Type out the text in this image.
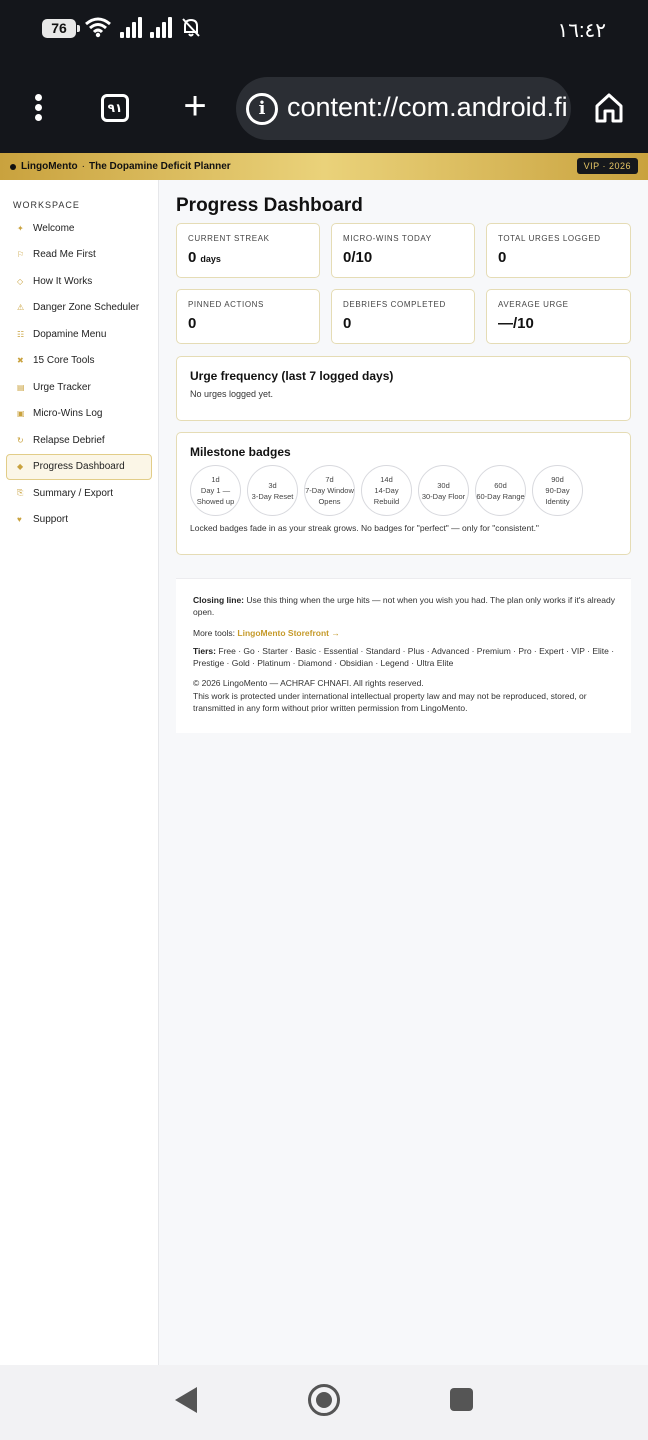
76	١٦:٤٢
٩١ +	i content://com.android.fi
LingoMento · The Dopamine Deficit Planner	VIP · 2026
WORKSPACE
✦ Welcome
⚐ Read Me First
◇ How It Works
⚠ Danger Zone Scheduler
☷ Dopamine Menu
✖ 15 Core Tools
▤ Urge Tracker
▣ Micro-Wins Log
↻ Relapse Debrief
◆ Progress Dashboard
⎘ Summary / Export
♥	Support
Progress Dashboard
CURRENT STREAK
0 days
MICRO-WINS TODAY
0/10
TOTAL URGES LOGGED
0
PINNED ACTIONS
0
DEBRIEFS COMPLETED
0
AVERAGE URGE
—/10
Urge frequency (last 7 logged days)
No urges logged yet.
Milestone badges
1d
Day 1 — Showed up
3d
3-Day Reset
7d
7-Day Window Opens
14d
14-Day Rebuild
30d
30-Day Floor
60d
60-Day Range
90d
90-Day Identity
Locked badges fade in as your streak grows. No badges for "perfect" — only for "consistent."
Closing line: Use this thing when the urge hits — not when you wish you had. The plan only works if it's already open.
More tools: LingoMento Storefront →
Tiers: Free · Go · Starter · Basic · Essential · Standard · Plus · Advanced · Premium · Pro · Expert · VIP · Elite · Prestige · Gold · Platinum · Diamond · Obsidian · Legend · Ultra Elite
© 2026 LingoMento — ACHRAF CHNAFI. All rights reserved.
This work is protected under international intellectual property law and may not be reproduced, stored, or transmitted in any form without prior written permission from LingoMento.
